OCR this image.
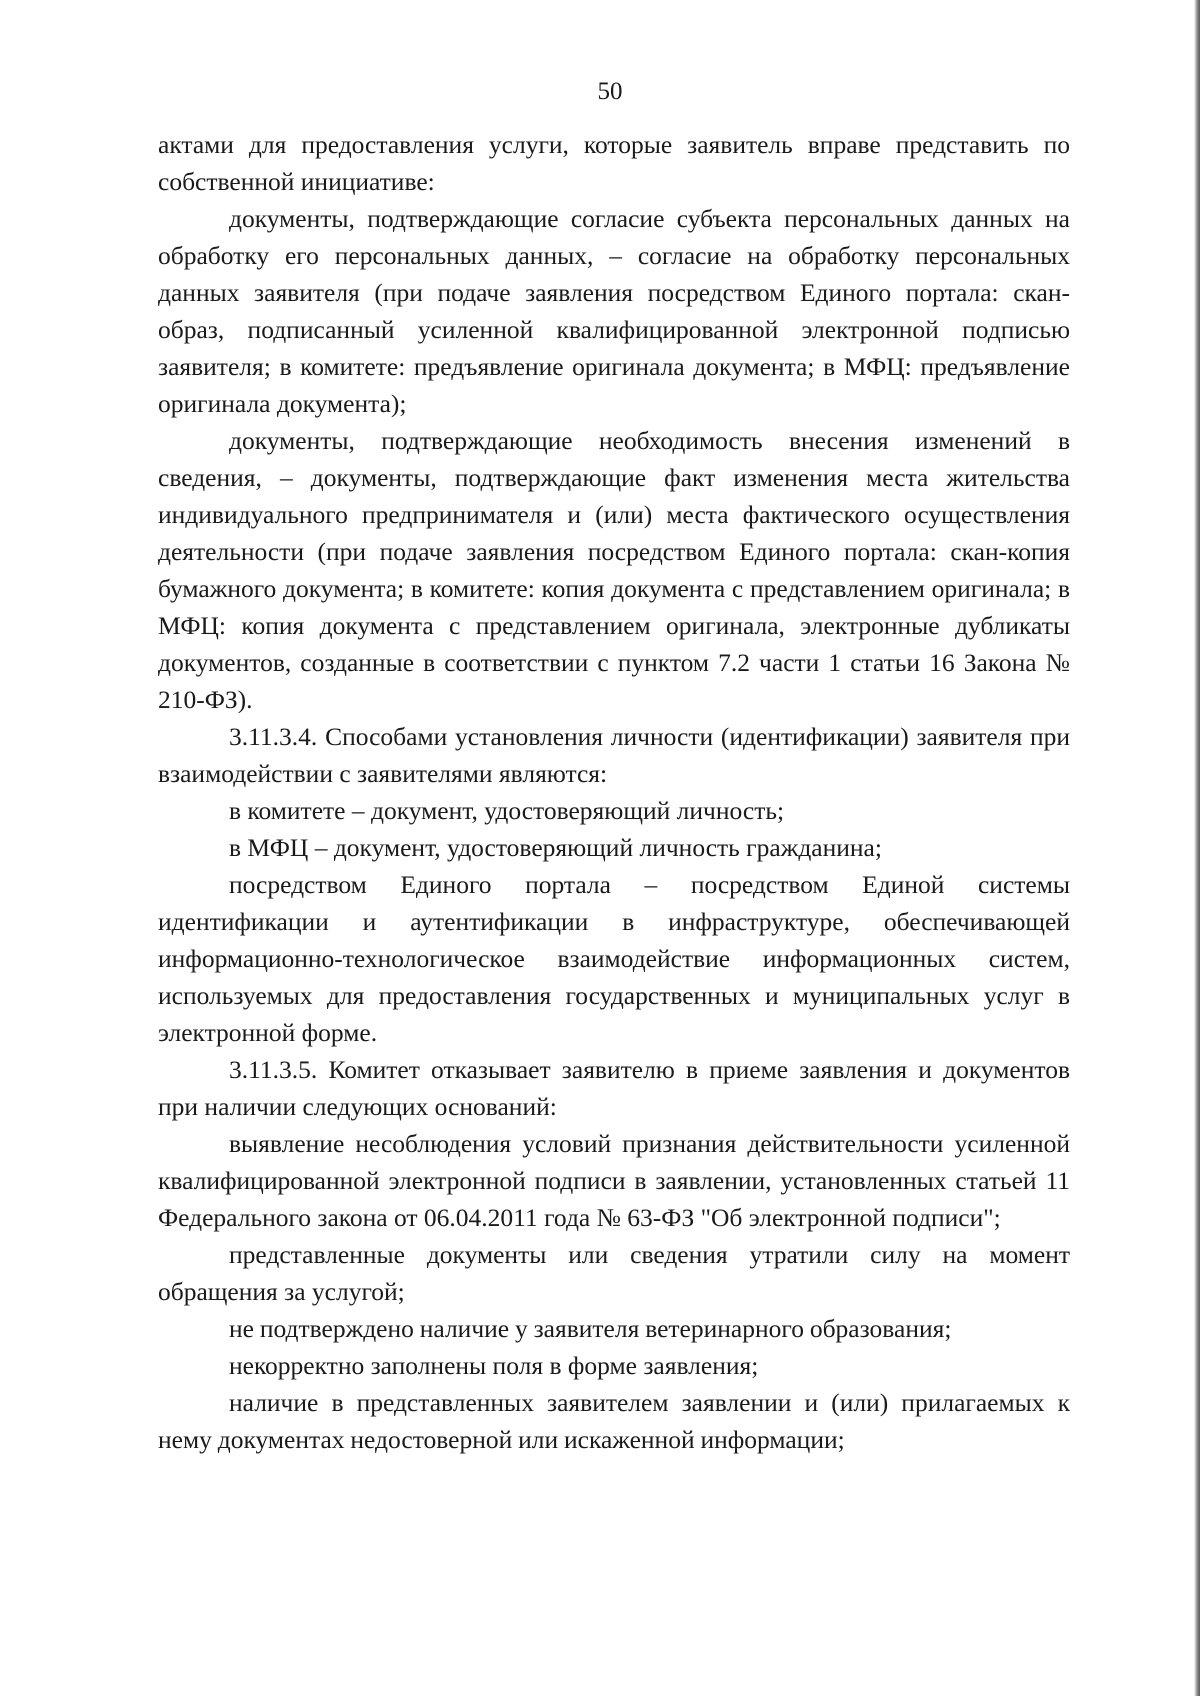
50

актами для предоставления услуги, которые заявитель вправе представить по собственной инициативе:

документы, подтверждающие согласие субъекта персональных данных на обработку его персональных данных, – согласие на обработку персональных данных заявителя (при подаче заявления посредством Единого портала: скан-образ, подписанный усиленной квалифицированной электронной подписью заявителя; в комитете: предъявление оригинала документа; в МФЦ: предъявление оригинала документа);

документы, подтверждающие необходимость внесения изменений в сведения, – документы, подтверждающие факт изменения места жительства индивидуального предпринимателя и (или) места фактического осуществления деятельности (при подаче заявления посредством Единого портала: скан-копия бумажного документа; в комитете: копия документа с представлением оригинала; в МФЦ: копия документа с представлением оригинала, электронные дубликаты документов, созданные в соответствии с пунктом 7.2 части 1 статьи 16 Закона № 210-ФЗ).

3.11.3.4. Способами установления личности (идентификации) заявителя при взаимодействии с заявителями являются:

в комитете – документ, удостоверяющий личность;

в МФЦ – документ, удостоверяющий личность гражданина;

посредством Единого портала – посредством Единой системы идентификации и аутентификации в инфраструктуре, обеспечивающей информационно-технологическое взаимодействие информационных систем, используемых для предоставления государственных и муниципальных услуг в электронной форме.

3.11.3.5. Комитет отказывает заявителю в приеме заявления и документов при наличии следующих оснований:

выявление несоблюдения условий признания действительности усиленной квалифицированной электронной подписи в заявлении, установленных статьей 11 Федерального закона от 06.04.2011 года № 63-ФЗ "Об электронной подписи";

представленные документы или сведения утратили силу на момент обращения за услугой;

не подтверждено наличие у заявителя ветеринарного образования;

некорректно заполнены поля в форме заявления;

наличие в представленных заявителем заявлении и (или) прилагаемых к нему документах недостоверной или искаженной информации;
